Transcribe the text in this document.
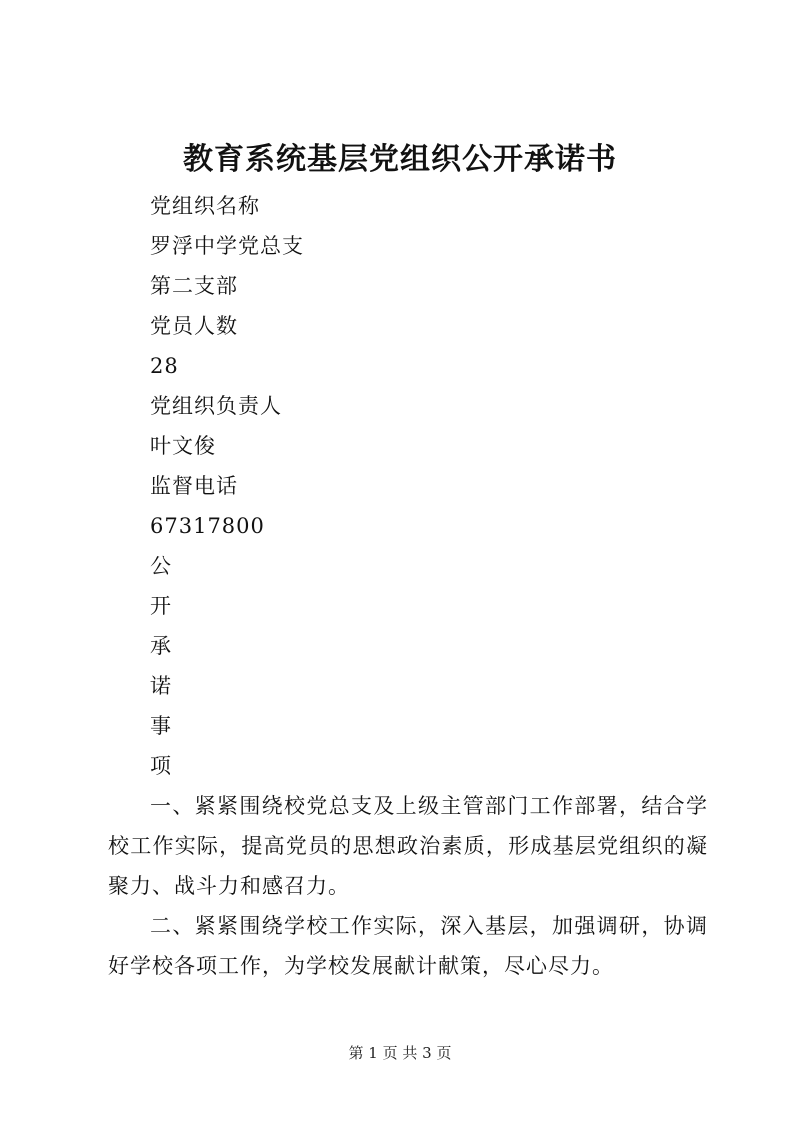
教育系统基层党组织公开承诺书
党组织名称
罗浮中学党总支
第二支部
党员人数
28
党组织负责人
叶文俊
监督电话
67317800
公
开
承
诺
事
项

一、紧紧围绕校党总支及上级主管部门工作部署，结合学校工作实际，提高党员的思想政治素质，形成基层党组织的凝聚力、战斗力和感召力。

二、紧紧围绕学校工作实际，深入基层，加强调研，协调好学校各项工作，为学校发展献计献策，尽心尽力。

第 1 页 共 3 页
